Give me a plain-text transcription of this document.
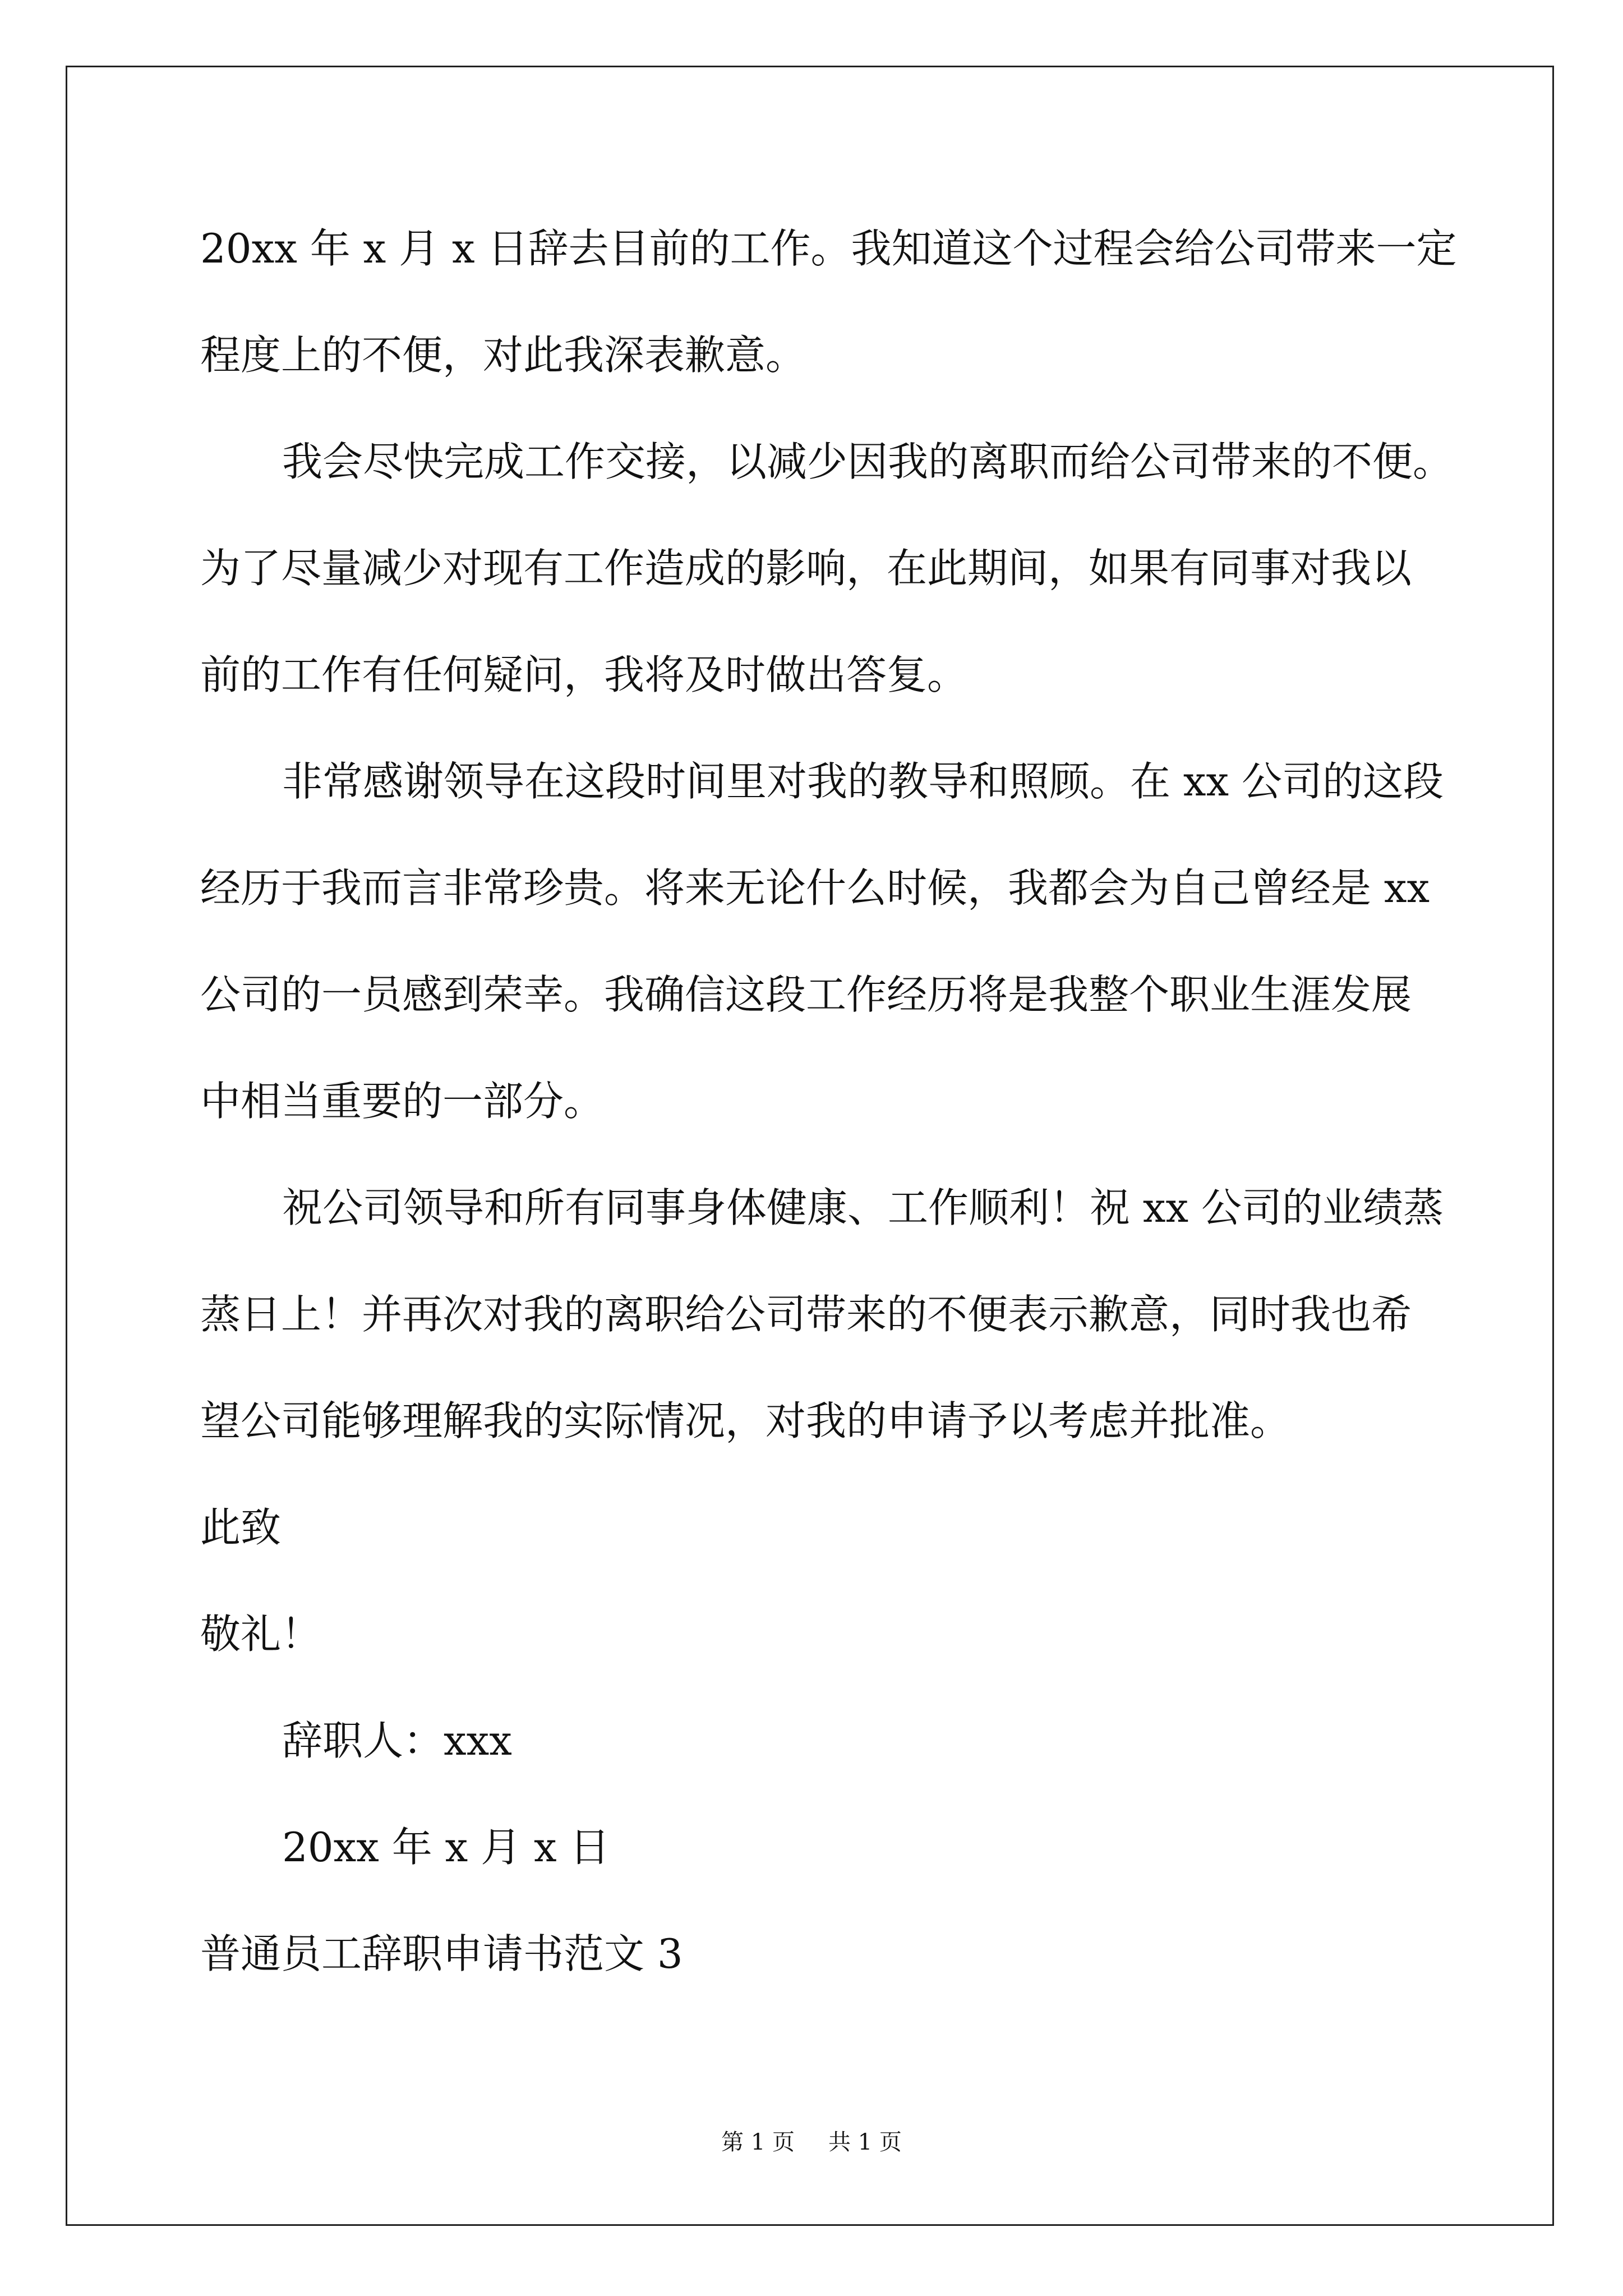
20xx 年 x 月 x 日辞去目前的工作。我知道这个过程会给公司带来一定
程度上的不便，对此我深表歉意。
我会尽快完成工作交接，以减少因我的离职而给公司带来的不便。
为了尽量减少对现有工作造成的影响，在此期间，如果有同事对我以
前的工作有任何疑问，我将及时做出答复。
非常感谢领导在这段时间里对我的教导和照顾。在 xx 公司的这段
经历于我而言非常珍贵。将来无论什么时候，我都会为自己曾经是 xx
公司的一员感到荣幸。我确信这段工作经历将是我整个职业生涯发展
中相当重要的一部分。
祝公司领导和所有同事身体健康、工作顺利！祝 xx 公司的业绩蒸
蒸日上！并再次对我的离职给公司带来的不便表示歉意，同时我也希
望公司能够理解我的实际情况，对我的申请予以考虑并批准。
此致
敬礼！
辞职人：xxx
20xx 年 x 月 x 日
普通员工辞职申请书范文 3
第 1 页 共 1 页
